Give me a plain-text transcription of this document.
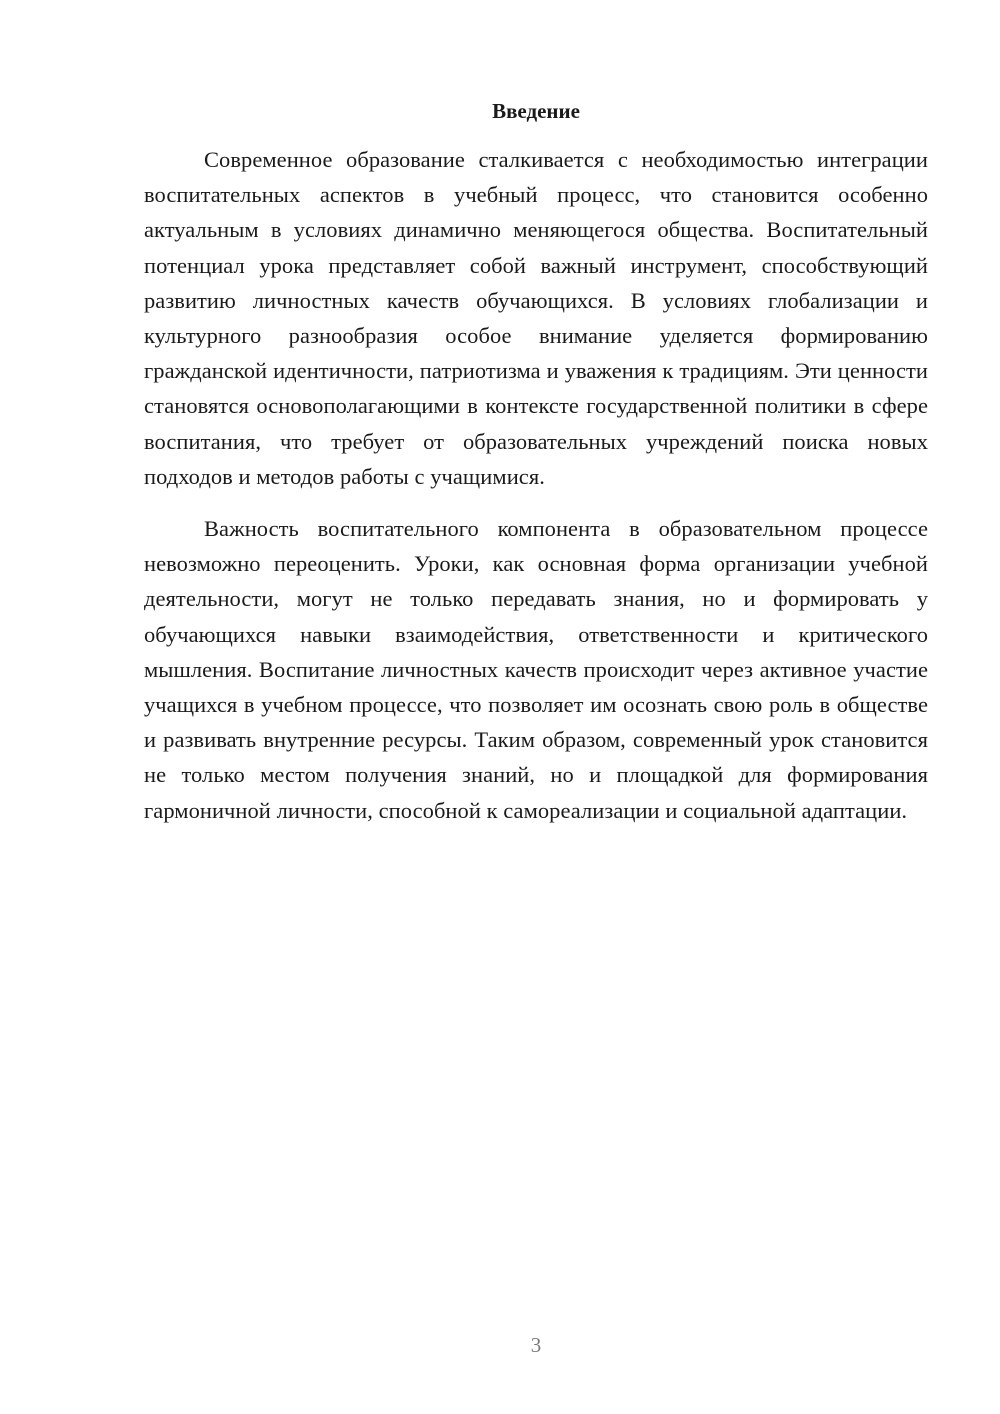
Введение

Современное образование сталкивается с необходимостью интеграции воспитательных аспектов в учебный процесс, что становится особенно актуальным в условиях динамично меняющегося общества. Воспитательный потенциал урока представляет собой важный инструмент, способствующий развитию личностных качеств обучающихся. В условиях глобализации и культурного разнообразия особое внимание уделяется формированию гражданской идентичности, патриотизма и уважения к традициям. Эти ценности становятся основополагающими в контексте государственной политики в сфере воспитания, что требует от образовательных учреждений поиска новых подходов и методов работы с учащимися.

Важность воспитательного компонента в образовательном процессе невозможно переоценить. Уроки, как основная форма организации учебной деятельности, могут не только передавать знания, но и формировать у обучающихся навыки взаимодействия, ответственности и критического мышления. Воспитание личностных качеств происходит через активное участие учащихся в учебном процессе, что позволяет им осознать свою роль в обществе и развивать внутренние ресурсы. Таким образом, современный урок становится не только местом получения знаний, но и площадкой для формирования гармоничной личности, способной к самореализации и социальной адаптации.

3
